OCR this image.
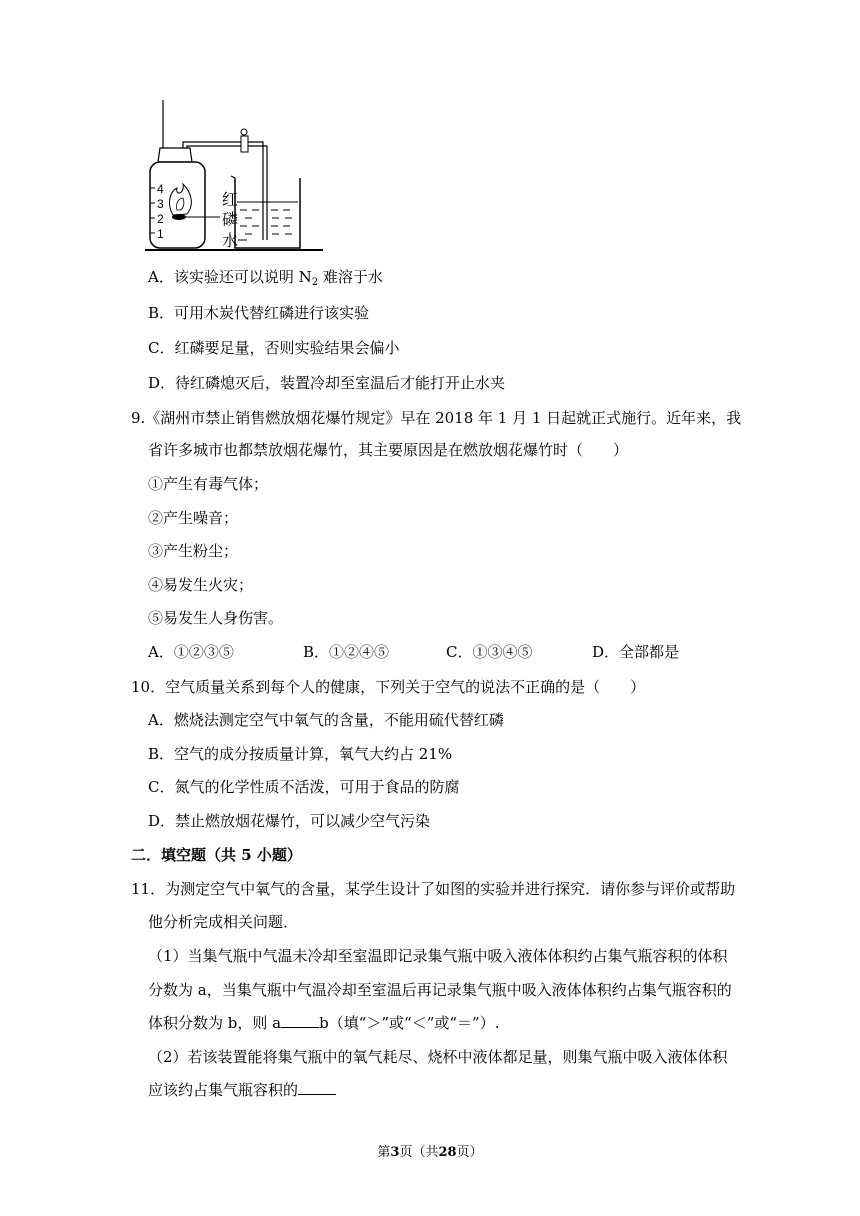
4
3
2
1
红
磷
水
A．该实验还可以说明 $N_2$ 难溶于水
B．可用木炭代替红磷进行该实验
C．红磷要足量，否则实验结果会偏小
D．待红磷熄灭后，装置冷却至室温后才能打开止水夹
9.《湖州市禁止销售燃放烟花爆竹规定》早在 2018 年 1 月 1 日起就正式施行。近年来，我
省许多城市也都禁放烟花爆竹，其主要原因是在燃放烟花爆竹时（　　）
①产生有毒气体；
②产生噪音；
③产生粉尘；
④易发生火灾；
⑤易发生人身伤害。
A．①②③⑤	B．①②④⑤	C．①③④⑤	D．全部都是
10．空气质量关系到每个人的健康，下列关于空气的说法不正确的是（　　）
A．燃烧法测定空气中氧气的含量，不能用硫代替红磷
B．空气的成分按质量计算，氧气大约占 21%
C．氮气的化学性质不活泼，可用于食品的防腐
D．禁止燃放烟花爆竹，可以减少空气污染
二．填空题（共 5 小题）
11．为测定空气中氧气的含量，某学生设计了如图的实验并进行探究．请你参与评价或帮助
他分析完成相关问题．
（1）当集气瓶中气温未冷却至室温即记录集气瓶中吸入液体体积约占集气瓶容积的体积
分数为 a，当集气瓶中气温冷却至室温后再记录集气瓶中吸入液体体积约占集气瓶容积的
体积分数为 b，则 a	b（填“＞”或“＜”或“＝”）.
（2）若该装置能将集气瓶中的氧气耗尽、烧杯中液体都足量，则集气瓶中吸入液体体积
应该约占集气瓶容积的
第3页（共28页）
